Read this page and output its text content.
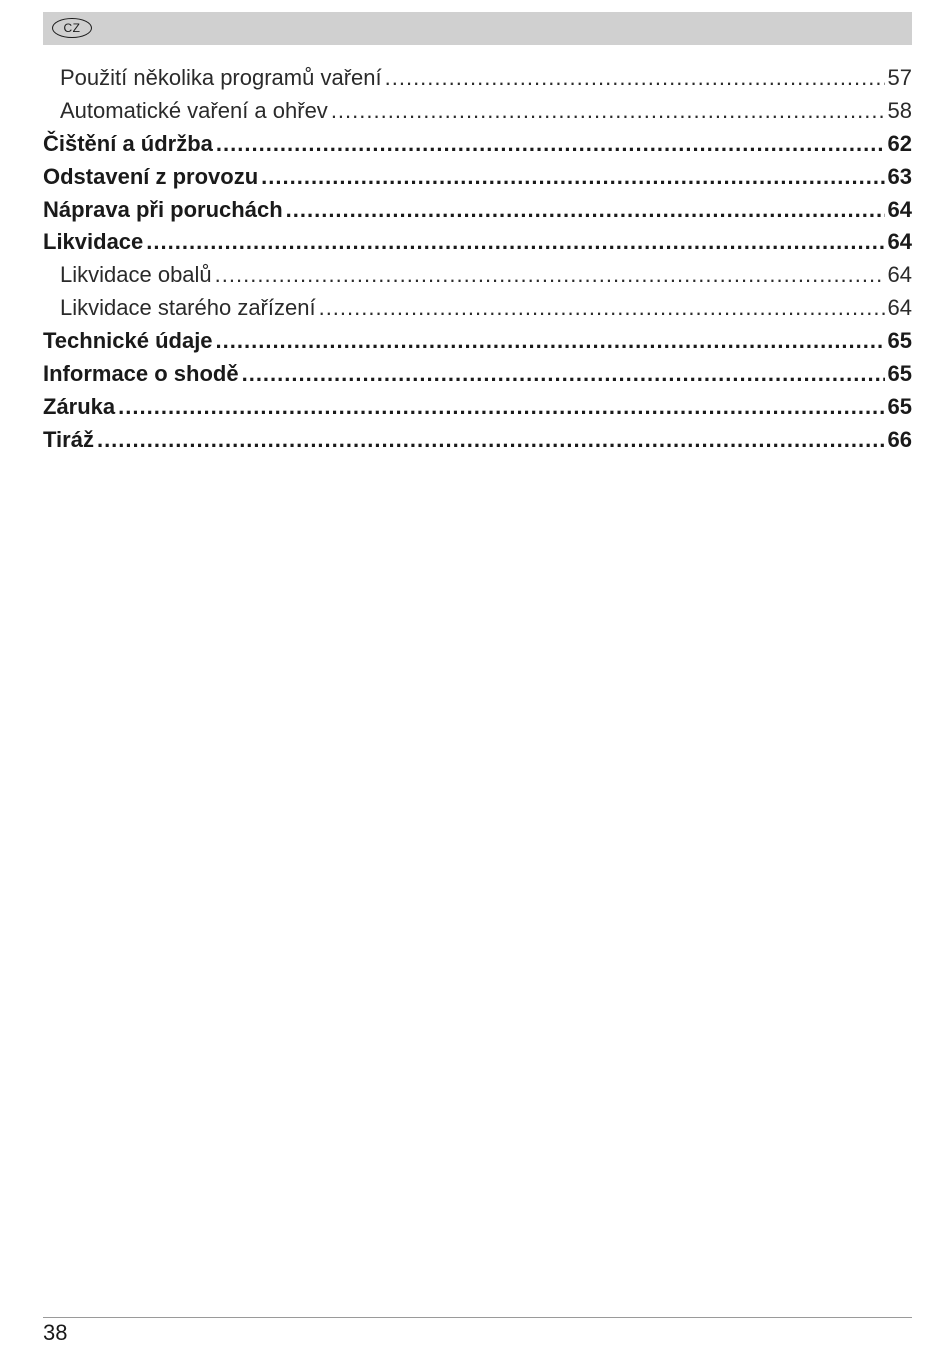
CZ
Použití několika programů vaření .....	57
Automatické vaření a ohřev .....	58
Čištění a údržba .....	62
Odstavení z provozu .....	63
Náprava při poruchách .....	64
Likvidace .....	64
Likvidace obalů .....	64
Likvidace starého zařízení .....	64
Technické údaje .....	65
Informace o shodě .....	65
Záruka .....	65
Tiráž .....	66
38
